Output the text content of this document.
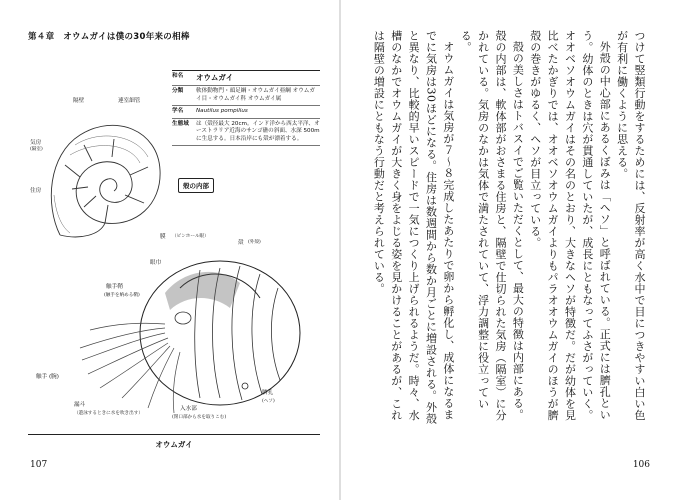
第４章　オウムガイは僕の30年来の相棒
隔壁	連室細管
気房
(隔室)
住房
和名	オウムガイ
分類	軟体動物門・頭足綱・オウムガイ亜綱 オウムガイ目・オウムガイ科 オウムガイ属
学名	Nautilus pompilius
生態域	は（殻径最大 20cm。インド洋から西太平洋、オーストラリア近海のサンゴ礁の斜面、水深 500m に生息する。日本沿岸にも殻が漂着する。
殻の内部
膜 （ピンホール眼）
殻 (外殻)
眼巾
触手鞘
(触手を納める鞘)
触手 (腕)
漏斗
（遊泳するときに水を吹き出す）
入水部
(閉口部から水を取りこむ)
臍孔
(ヘソ)
オウムガイ
107

つけて竪類行動をするためには、反射率が高く水中で目につきやすい白い色が有利に働くように思える。

外殻の中心部にあるくぼみは「ヘソ」と呼ばれている。正式には臍孔という。幼体のときは穴が貫通していたが、成長にともなってふさがっていく。オオベソオウムガイはその名のとおり、大きなヘソが特徴だ。だが幼体を見比べたかぎりでは、オオベソオウムガイよりもパラオオウムガイのほうが臍殻の巻きがゆるく、ヘソが目立っている。

殻の美しさはトバスイでご覧いただくとして、最大の特徴は内部にある。殻の内部は、軟体部がおさまる住房と、隔壁で仕切られた気房（隔室）に分かれている。気房のなかは気体で満たされていて、浮力調整に役立っている。

オウムガイは気房が７〜８完成したあたりで卵から孵化し、成体になるまでに気房は30ほどになる。住房は数週間から数か月ごとに増設される。外殻と異なり、比較的早いスピードで一気につくり上げられるようだ。時々、水槽のなかでオウムガイが大きく身をよじる姿を見かけることがあるが、これは隔壁の増設にともなう行動だと考えられている。

106
